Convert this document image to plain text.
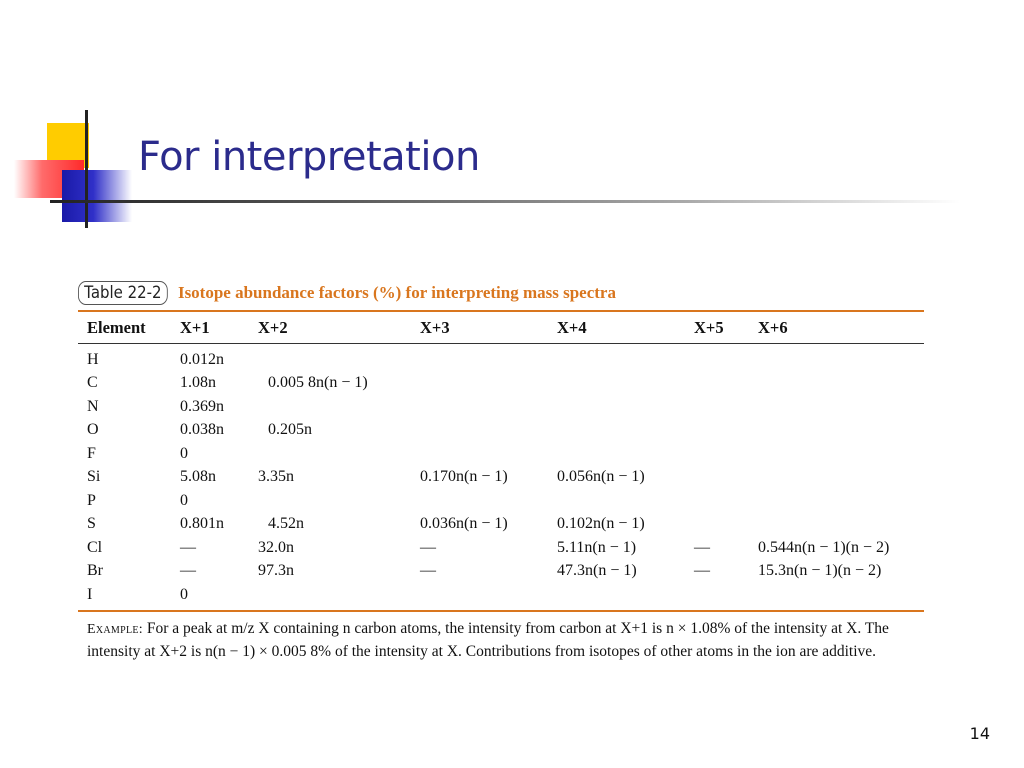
For interpretation
Table 22-2 Isotope abundance factors (%) for interpreting mass spectra
Element	X+1	X+2	X+3	X+4	X+5	X+6

H	0.012n					
C	1.08n	0.005 8n(n − 1)				
N	0.369n					
O	0.038n	0.205n				
F	0					
Si	5.08n	3.35n	0.170n(n − 1)	0.056n(n − 1)		
P	0					
S	0.801n	4.52n	0.036n(n − 1)	0.102n(n − 1)		
Cl	—	32.0n	—	5.11n(n − 1)	—	0.544n(n − 1)(n − 2)
Br	—	97.3n	—	47.3n(n − 1)	—	15.3n(n − 1)(n − 2)
I	0					
Example: For a peak at m/z X containing n carbon atoms, the intensity from carbon at X+1 is n × 1.08% of the intensity at X. The intensity at X+2 is n(n − 1) × 0.005 8% of the intensity at X. Contributions from isotopes of other atoms in the ion are additive.
14
